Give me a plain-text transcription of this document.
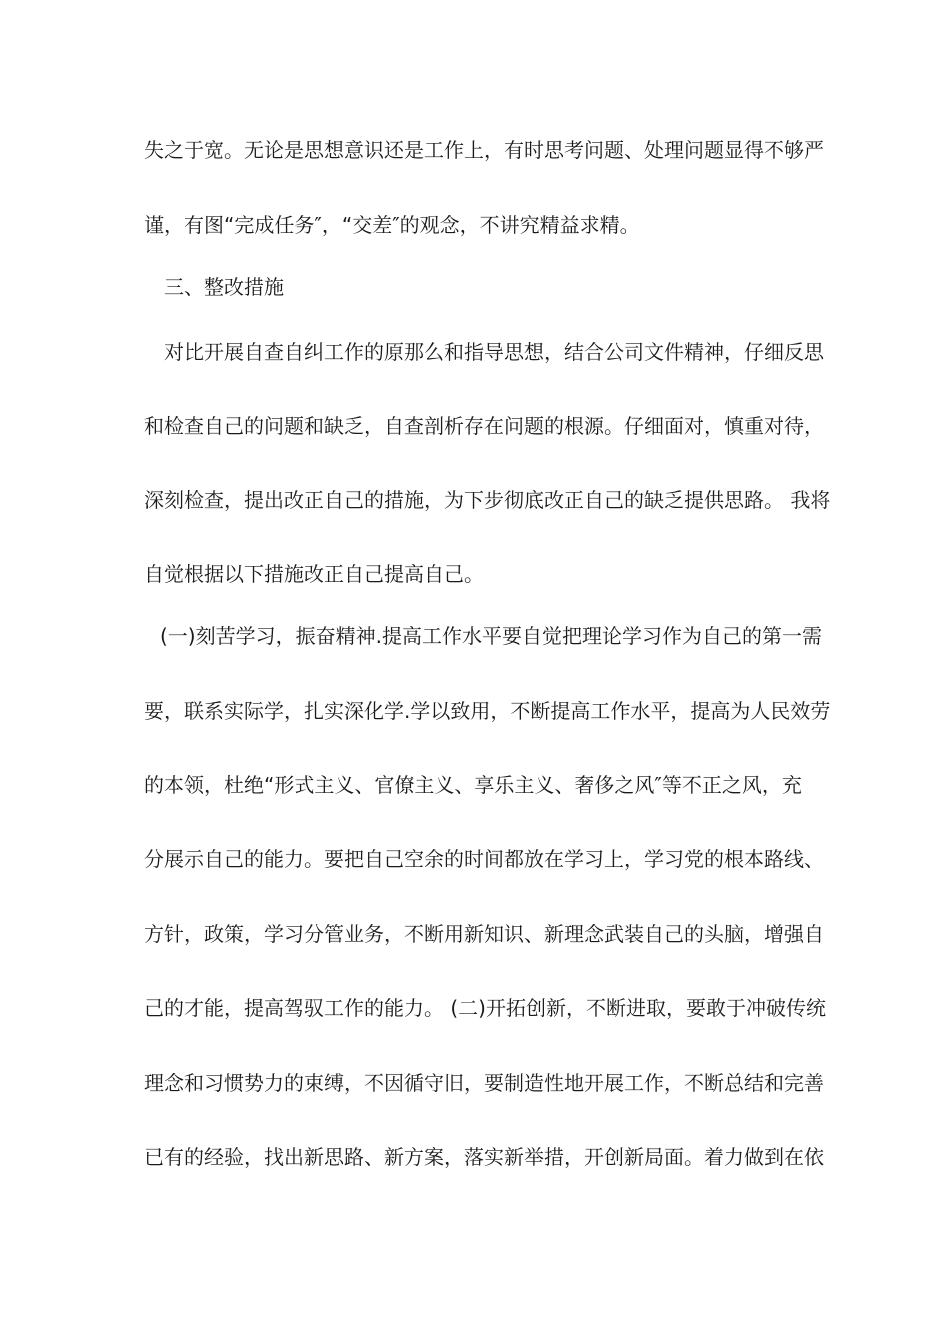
失之于宽。无论是思想意识还是工作上，有时思考问题、处理问题显得不够严
谨，有图“完成任务″，“交差″的观念，不讲究精益求精。
三、整改措施
对比开展自查自纠工作的原那么和指导思想，结合公司文件精神，仔细反思
和检查自己的问题和缺乏，自查剖析存在问题的根源。仔细面对，慎重对待，
深刻检查，提出改正自己的措施，为下步彻底改正自己的缺乏提供思路。 我将
自觉根据以下措施改正自己提高自己。
(一)刻苦学习，振奋精神.提高工作水平要自觉把理论学习作为自己的第一需
要，联系实际学，扎实深化学.学以致用，不断提高工作水平，提高为人民效劳
的本领，杜绝“形式主义、官僚主义、享乐主义、奢侈之风″等不正之风，充
分展示自己的能力。要把自己空余的时间都放在学习上，学习党的根本路线、
方针，政策，学习分管业务，不断用新知识、新理念武装自己的头脑，增强自
己的才能，提高驾驭工作的能力。 (二)开拓创新，不断进取，要敢于冲破传统
理念和习惯势力的束缚，不因循守旧，要制造性地开展工作，不断总结和完善
已有的经验，找出新思路、新方案，落实新举措，开创新局面。着力做到在依
